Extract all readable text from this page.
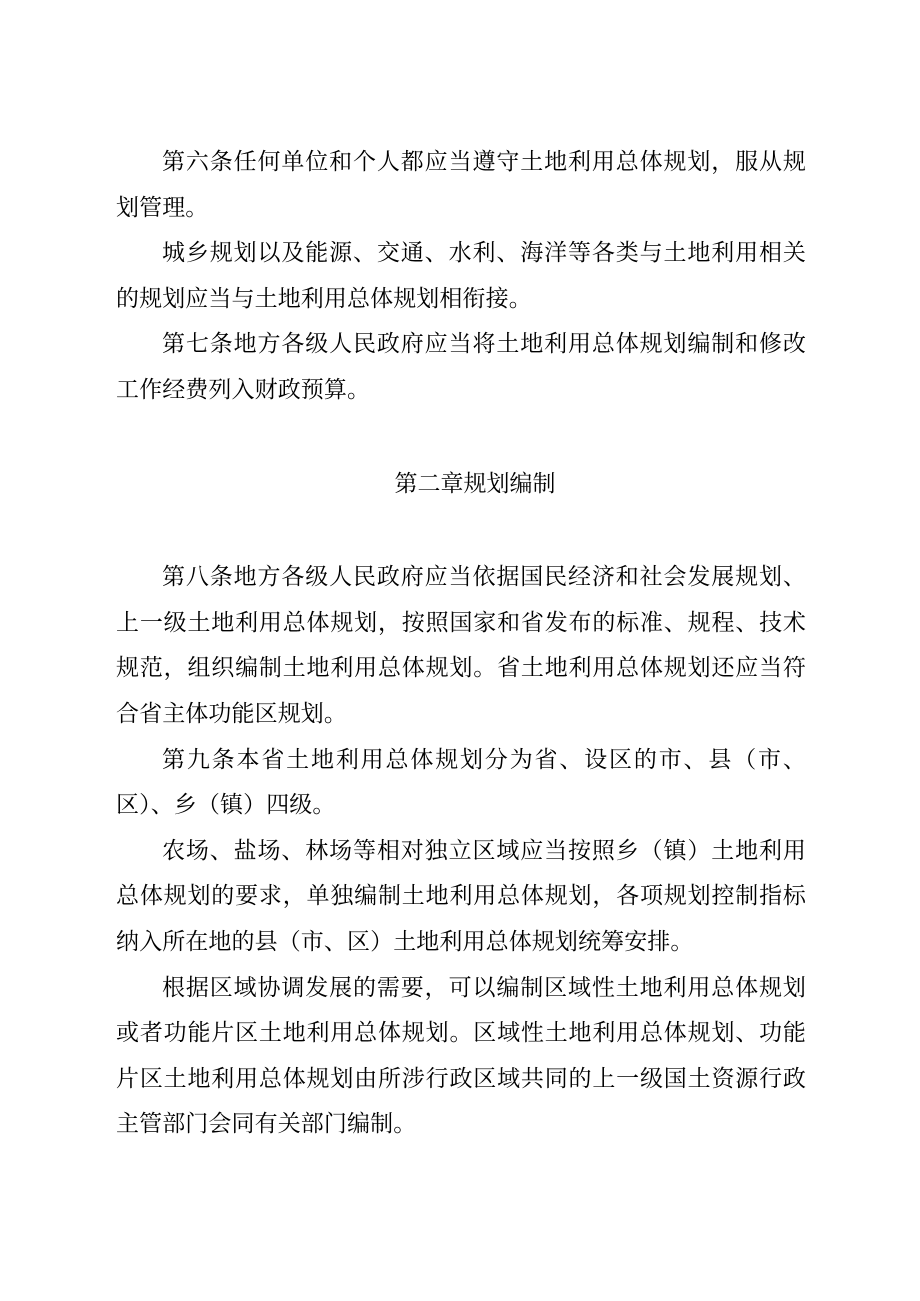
第六条任何单位和个人都应当遵守土地利用总体规划，服从规划管理。

城乡规划以及能源、交通、水利、海洋等各类与土地利用相关的规划应当与土地利用总体规划相衔接。

第七条地方各级人民政府应当将土地利用总体规划编制和修改工作经费列入财政预算。

第二章规划编制

第八条地方各级人民政府应当依据国民经济和社会发展规划、上一级土地利用总体规划，按照国家和省发布的标准、规程、技术规范，组织编制土地利用总体规划。省土地利用总体规划还应当符合省主体功能区规划。

第九条本省土地利用总体规划分为省、设区的市、县（市、区）、乡（镇）四级。

农场、盐场、林场等相对独立区域应当按照乡（镇）土地利用总体规划的要求，单独编制土地利用总体规划，各项规划控制指标纳入所在地的县（市、区）土地利用总体规划统筹安排。

根据区域协调发展的需要，可以编制区域性土地利用总体规划或者功能片区土地利用总体规划。区域性土地利用总体规划、功能片区土地利用总体规划由所涉行政区域共同的上一级国土资源行政主管部门会同有关部门编制。
